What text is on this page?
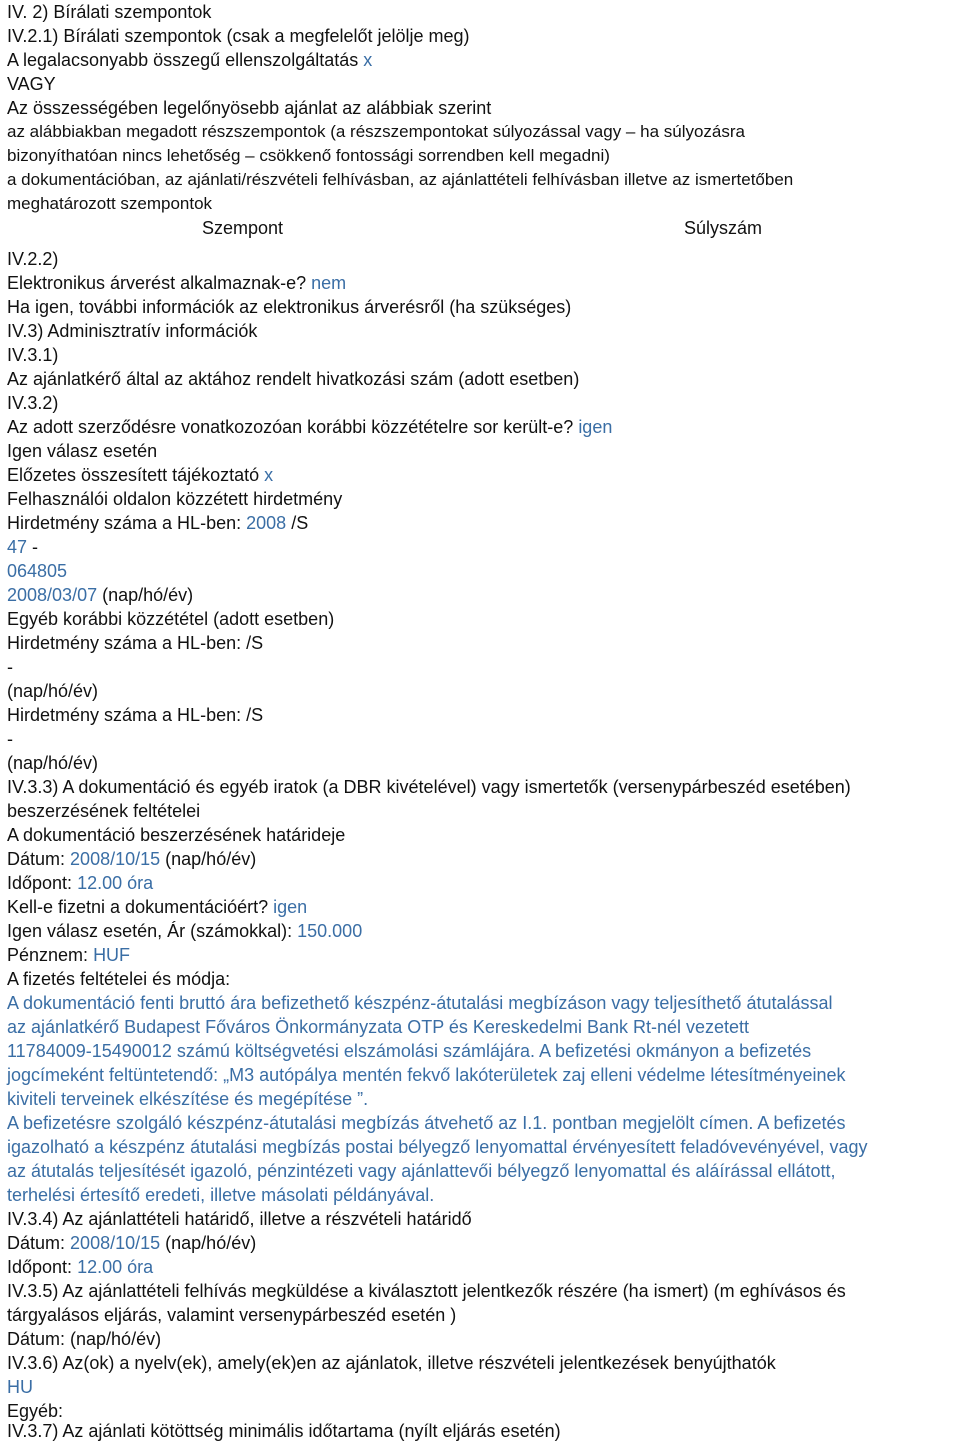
IV. 2) Bírálati szempontok
IV.2.1) Bírálati szempontok (csak a megfelelőt jelölje meg)
A legalacsonyabb összegű ellenszolgáltatás x
VAGY
Az összességében legelőnyösebb ajánlat az alábbiak szerint
az alábbiakban megadott részszempontok (a részszempontokat súlyozással vagy – ha súlyozásra
bizonyíthatóan nincs lehetőség – csökkenő fontossági sorrendben kell megadni)
a dokumentációban, az ajánlati/részvételi felhívásban, az ajánlattételi felhívásban illetve az ismertetőben
meghatározott szempontok
Szempont	Súlyszám
IV.2.2)
Elektronikus árverést alkalmaznak-e? nem
Ha igen, további információk az elektronikus árverésről (ha szükséges)
IV.3) Adminisztratív információk
IV.3.1)
Az ajánlatkérő által az aktához rendelt hivatkozási szám (adott esetben)
IV.3.2)
Az adott szerződésre vonatkozozóan korábbi közzétételre sor került-e? igen
Igen válasz esetén
Előzetes összesített tájékoztató x
Felhasználói oldalon közzétett hirdetmény
Hirdetmény száma a HL-ben: 2008 /S
47 -
064805
2008/03/07 (nap/hó/év)
Egyéb korábbi közzététel (adott esetben)
Hirdetmény száma a HL-ben: /S
-
(nap/hó/év)
Hirdetmény száma a HL-ben: /S
-
(nap/hó/év)
IV.3.3) A dokumentáció és egyéb iratok (a DBR kivételével) vagy ismertetők (versenypárbeszéd esetében)
beszerzésének feltételei
A dokumentáció beszerzésének határideje
Dátum: 2008/10/15 (nap/hó/év)
Időpont: 12.00 óra
Kell-e fizetni a dokumentációért? igen
Igen válasz esetén, Ár (számokkal): 150.000
Pénznem: HUF
A fizetés feltételei és módja:
A dokumentáció fenti bruttó ára befizethető készpénz-átutalási megbízáson vagy teljesíthető átutalással
az ajánlatkérő Budapest Főváros Önkormányzata OTP és Kereskedelmi Bank Rt-nél vezetett
11784009-15490012 számú költségvetési elszámolási számlájára. A befizetési okmányon a befizetés
jogcímeként feltüntetendő: „M3 autópálya mentén fekvő lakóterületek zaj elleni védelme létesítményeinek
kiviteli terveinek elkészítése és megépítése ”.
A befizetésre szolgáló készpénz-átutalási megbízás átvehető az I.1. pontban megjelölt címen. A befizetés
igazolható a készpénz átutalási megbízás postai bélyegző lenyomattal érvényesített feladóvevényével, vagy
az átutalás teljesítését igazoló, pénzintézeti vagy ajánlattevői bélyegző lenyomattal és aláírással ellátott,
terhelési értesítő eredeti, illetve másolati példányával.
IV.3.4) Az ajánlattételi határidő, illetve a részvételi határidő
Dátum: 2008/10/15 (nap/hó/év)
Időpont: 12.00 óra
IV.3.5) Az ajánlattételi felhívás megküldése a kiválasztott jelentkezők részére (ha ismert) (m eghívásos és
tárgyalásos eljárás, valamint versenypárbeszéd esetén )
Dátum: (nap/hó/év)
IV.3.6) Az(ok) a nyelv(ek), amely(ek)en az ajánlatok, illetve részvételi jelentkezések benyújthatók
HU
Egyéb:
IV.3.7) Az ajánlati kötöttség minimális időtartama (nyílt eljárás esetén)
